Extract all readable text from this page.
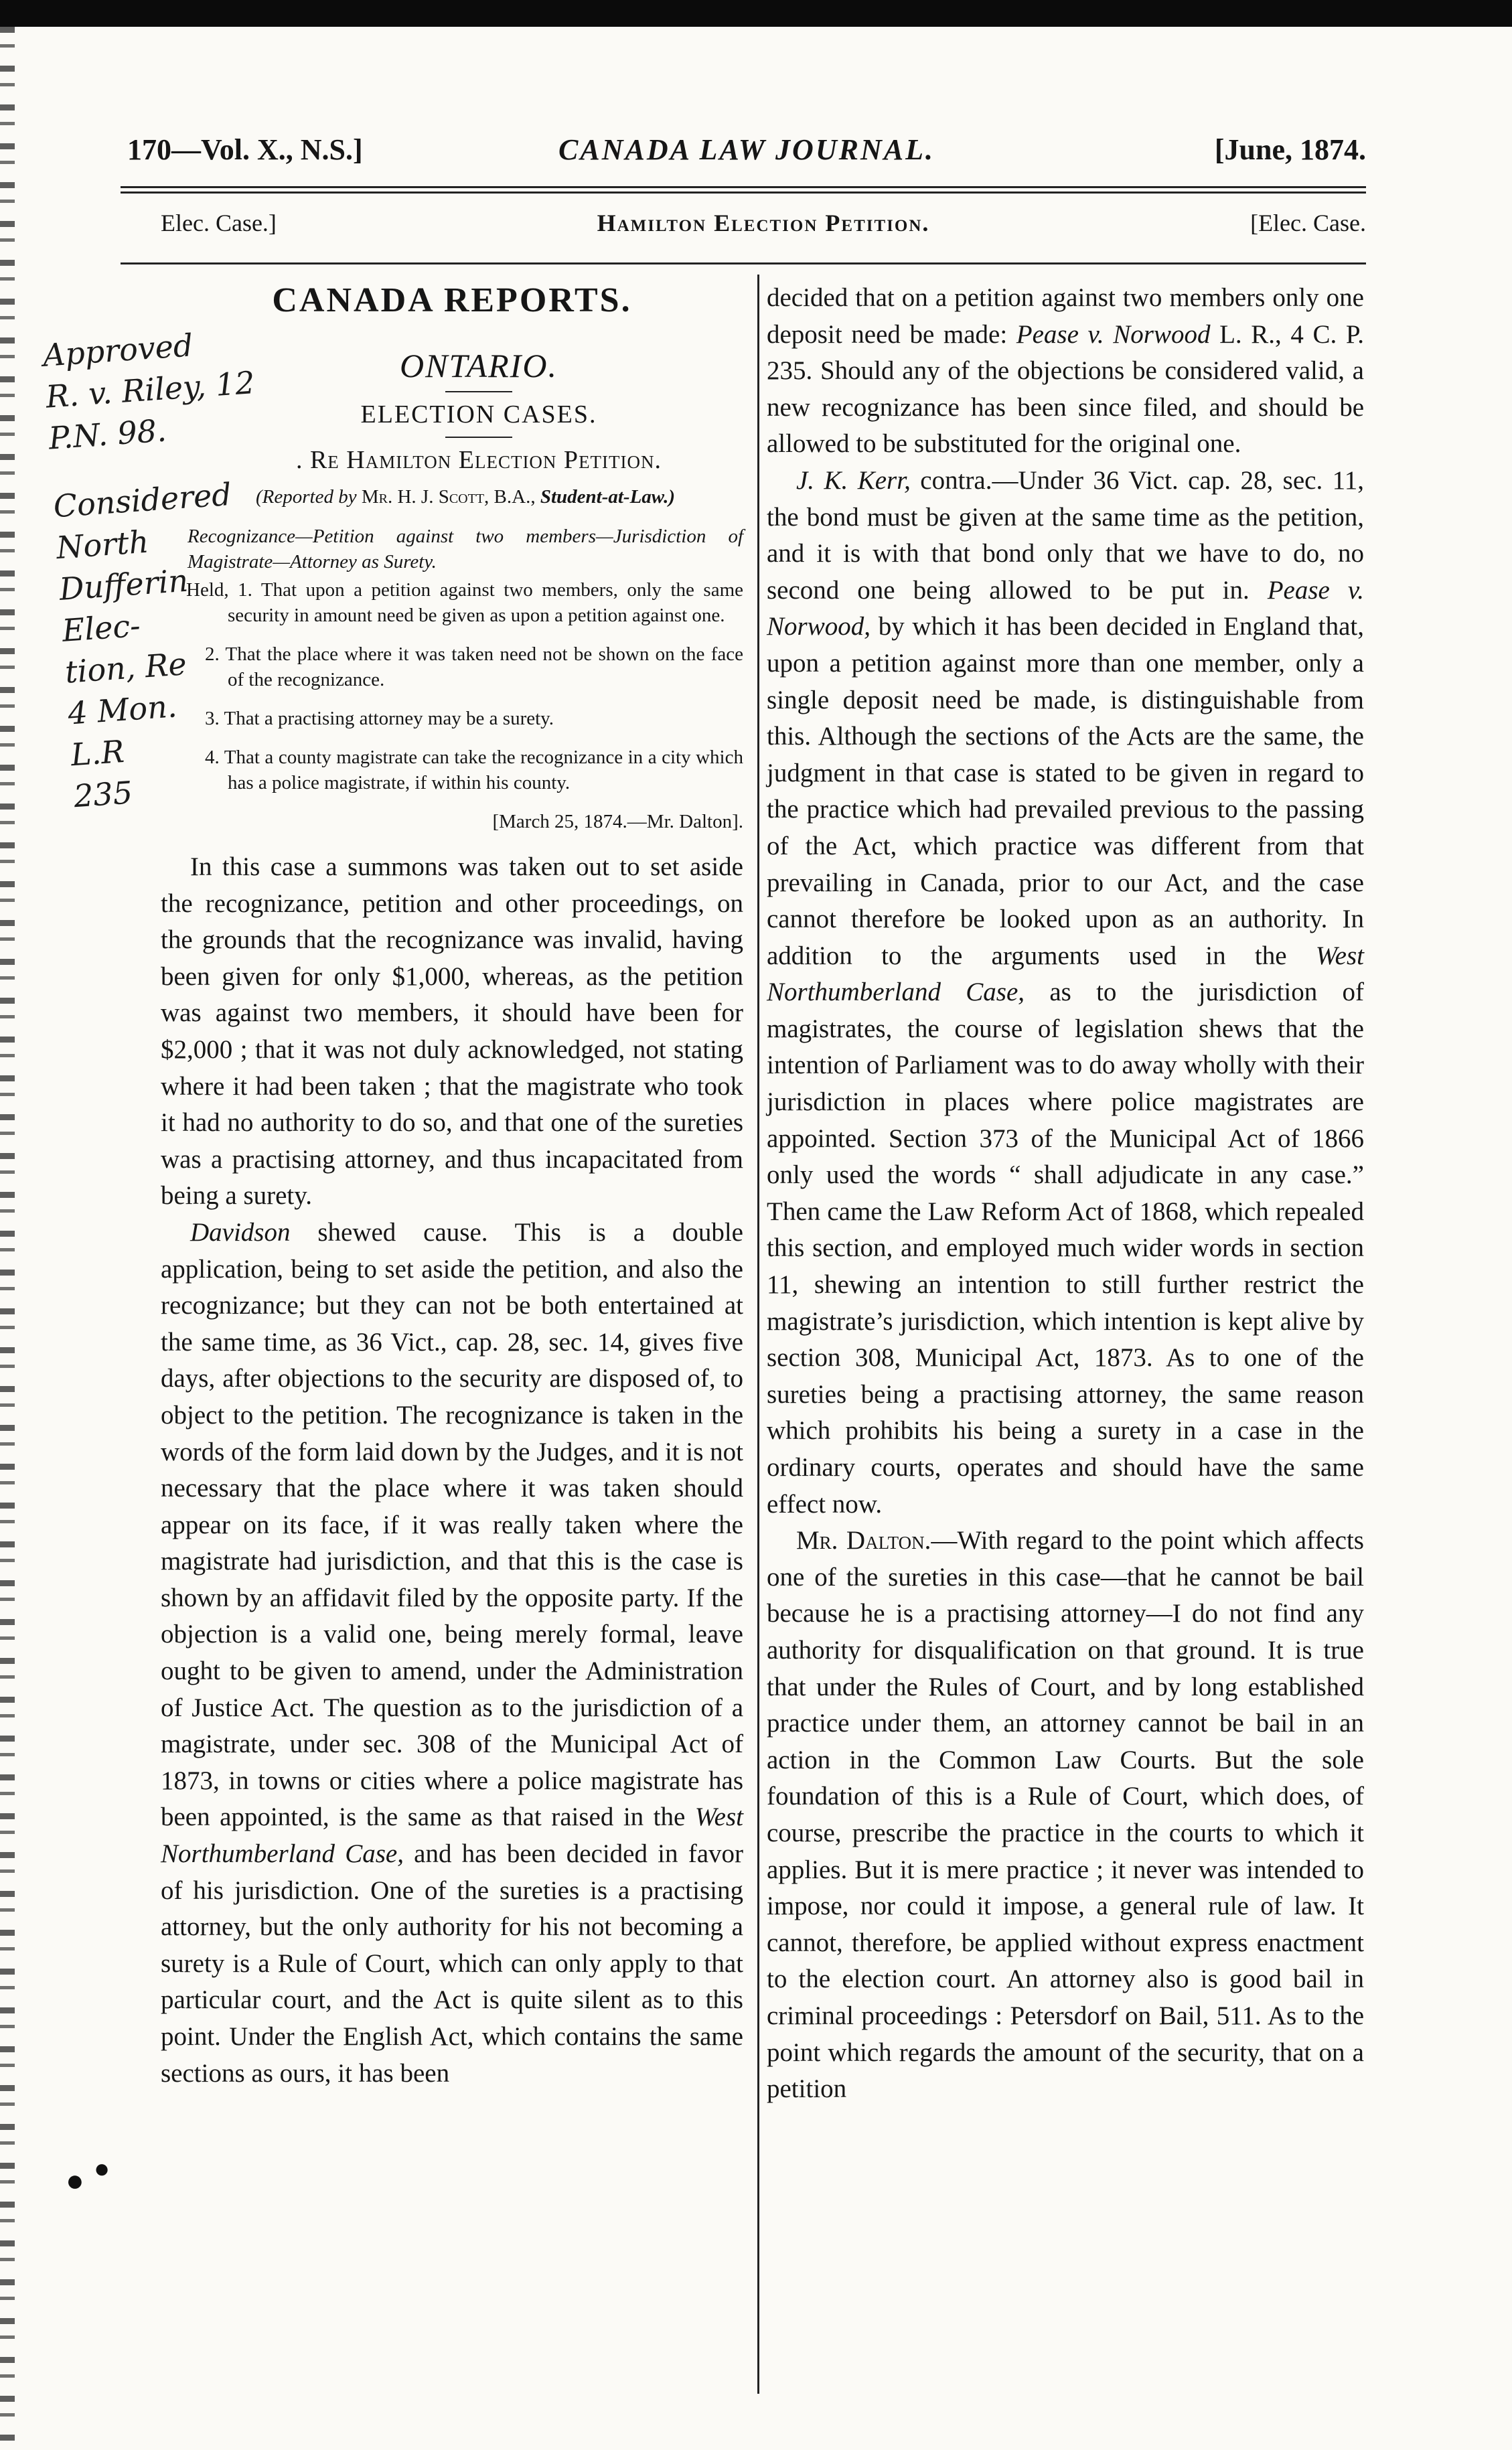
170—Vol. X., N.S.]	CANADA LAW JOURNAL.	[June, 1874.
Elec. Case.]	Hamilton Election Petition.	[Elec. Case.
CANADA REPORTS.
ONTARIO.
ELECTION CASES.
. Re Hamilton Election Petition.
(Reported by Mr. H. J. Scott, B.A., Student-at-Law.)
Recognizance—Petition against two members—Jurisdiction of Magistrate—Attorney as Surety.
Held, 1. That upon a petition against two members, only the same security in amount need be given as upon a petition against one.
2. That the place where it was taken need not be shown on the face of the recognizance.
3. That a practising attorney may be a surety.
4. That a county magistrate can take the recognizance in a city which has a police magistrate, if within his county.
[March 25, 1874.—Mr. Dalton].

In this case a summons was taken out to set aside the recognizance, petition and other proceedings, on the grounds that the recognizance was invalid, having been given for only $1,000, whereas, as the petition was against two members, it should have been for $2,000 ; that it was not duly acknowledged, not stating where it had been taken ; that the magistrate who took it had no authority to do so, and that one of the sureties was a practising attorney, and thus incapacitated from being a surety.

Davidson shewed cause. This is a double application, being to set aside the petition, and also the recognizance; but they can not be both entertained at the same time, as 36 Vict., cap. 28, sec. 14, gives five days, after objections to the security are disposed of, to object to the petition. The recognizance is taken in the words of the form laid down by the Judges, and it is not necessary that the place where it was taken should appear on its face, if it was really taken where the magistrate had jurisdiction, and that this is the case is shown by an affidavit filed by the opposite party. If the objection is a valid one, being merely formal, leave ought to be given to amend, under the Administration of Justice Act. The question as to the jurisdiction of a magistrate, under sec. 308 of the Municipal Act of 1873, in towns or cities where a police magistrate has been appointed, is the same as that raised in the West Northumberland Case, and has been decided in favor of his jurisdiction. One of the sureties is a practising attorney, but the only authority for his not becoming a surety is a Rule of Court, which can only apply to that particular court, and the Act is quite silent as to this point. Under the English Act, which contains the same sections as ours, it has been

decided that on a petition against two members only one deposit need be made: Pease v. Norwood L. R., 4 C. P. 235. Should any of the objections be considered valid, a new recognizance has been since filed, and should be allowed to be substituted for the original one.

J. K. Kerr, contra.—Under 36 Vict. cap. 28, sec. 11, the bond must be given at the same time as the petition, and it is with that bond only that we have to do, no second one being allowed to be put in. Pease v. Norwood, by which it has been decided in England that, upon a petition against more than one member, only a single deposit need be made, is distinguishable from this. Although the sections of the Acts are the same, the judgment in that case is stated to be given in regard to the practice which had prevailed previous to the passing of the Act, which practice was different from that prevailing in Canada, prior to our Act, and the case cannot therefore be looked upon as an authority. In addition to the arguments used in the West Northumberland Case, as to the jurisdiction of magistrates, the course of legislation shews that the intention of Parliament was to do away wholly with their jurisdiction in places where police magistrates are appointed. Section 373 of the Municipal Act of 1866 only used the words “ shall adjudicate in any case.” Then came the Law Reform Act of 1868, which repealed this section, and employed much wider words in section 11, shewing an intention to still further restrict the magistrate’s jurisdiction, which intention is kept alive by section 308, Municipal Act, 1873. As to one of the sureties being a practising attorney, the same reason which prohibits his being a surety in a case in the ordinary courts, operates and should have the same effect now.

Mr. Dalton.—With regard to the point which affects one of the sureties in this case—that he cannot be bail because he is a practising attorney—I do not find any authority for disqualification on that ground. It is true that under the Rules of Court, and by long established practice under them, an attorney cannot be bail in an action in the Common Law Courts. But the sole foundation of this is a Rule of Court, which does, of course, prescribe the practice in the courts to which it applies. But it is mere practice ; it never was intended to impose, nor could it impose, a general rule of law. It cannot, therefore, be applied without express enactment to the election court. An attorney also is good bail in criminal proceedings : Petersdorf on Bail, 511. As to the point which regards the amount of the security, that on a petition

Approved
R. v. Riley, 12
P.N. 98.
Considered
North
Dufferin
Elec-
tion, Re
4 Mon.
L.R
235
● ●
